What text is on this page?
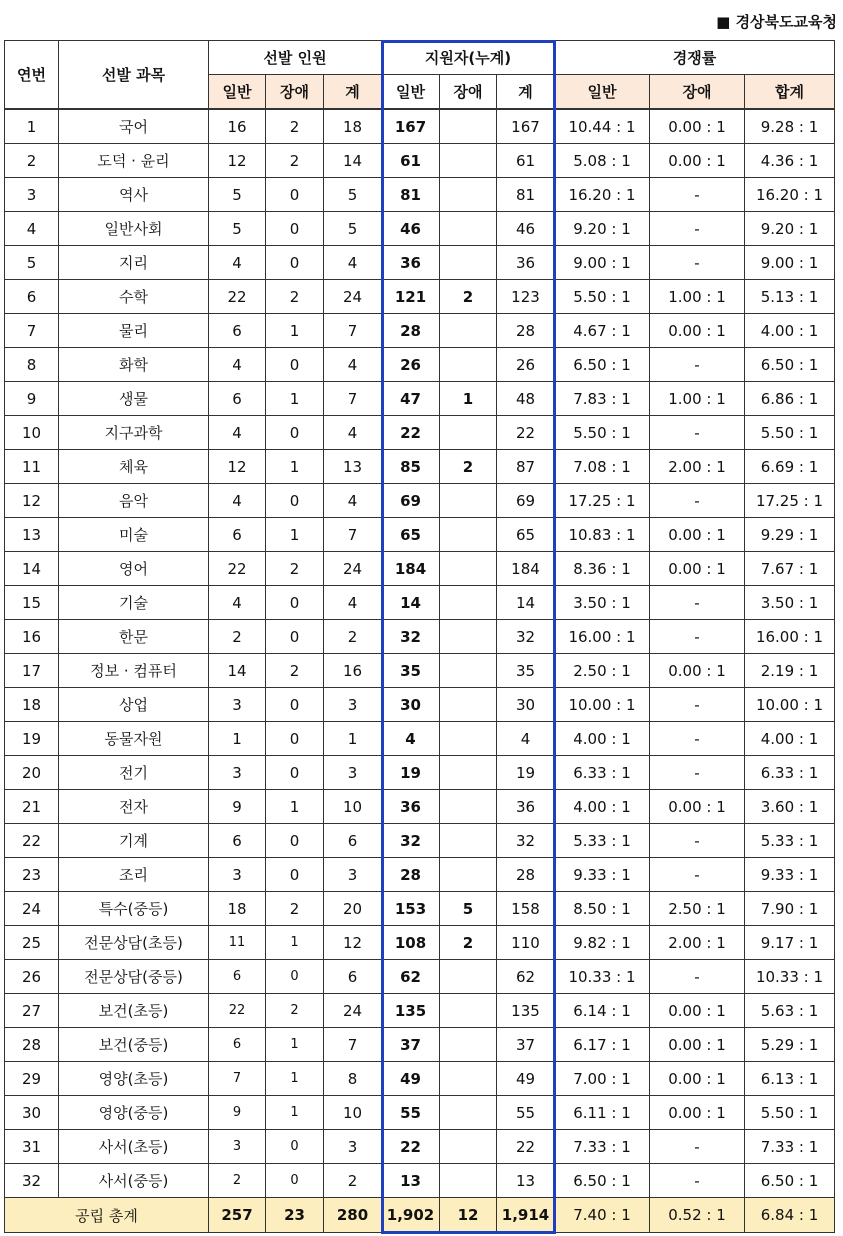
■ 경상북도교육청
연번	선발 과목	선발 인원			지원자(누계)			경쟁률		
		일반	장애	계	일반	장애	계	일반	장애	합계
1	국어	16	2	18	167		167	10.44 : 1	0.00 : 1	9.28 : 1
2	도덕 · 윤리	12	2	14	61		61	5.08 : 1	0.00 : 1	4.36 : 1
3	역사	5	0	5	81		81	16.20 : 1	-	16.20 : 1
4	일반사회	5	0	5	46		46	9.20 : 1	-	9.20 : 1
5	지리	4	0	4	36		36	9.00 : 1	-	9.00 : 1
6	수학	22	2	24	121	2	123	5.50 : 1	1.00 : 1	5.13 : 1
7	물리	6	1	7	28		28	4.67 : 1	0.00 : 1	4.00 : 1
8	화학	4	0	4	26		26	6.50 : 1	-	6.50 : 1
9	생물	6	1	7	47	1	48	7.83 : 1	1.00 : 1	6.86 : 1
10	지구과학	4	0	4	22		22	5.50 : 1	-	5.50 : 1
11	체육	12	1	13	85	2	87	7.08 : 1	2.00 : 1	6.69 : 1
12	음악	4	0	4	69		69	17.25 : 1	-	17.25 : 1
13	미술	6	1	7	65		65	10.83 : 1	0.00 : 1	9.29 : 1
14	영어	22	2	24	184		184	8.36 : 1	0.00 : 1	7.67 : 1
15	기술	4	0	4	14		14	3.50 : 1	-	3.50 : 1
16	한문	2	0	2	32		32	16.00 : 1	-	16.00 : 1
17	정보 · 컴퓨터	14	2	16	35		35	2.50 : 1	0.00 : 1	2.19 : 1
18	상업	3	0	3	30		30	10.00 : 1	-	10.00 : 1
19	동물자원	1	0	1	4		4	4.00 : 1	-	4.00 : 1
20	전기	3	0	3	19		19	6.33 : 1	-	6.33 : 1
21	전자	9	1	10	36		36	4.00 : 1	0.00 : 1	3.60 : 1
22	기계	6	0	6	32		32	5.33 : 1	-	5.33 : 1
23	조리	3	0	3	28		28	9.33 : 1	-	9.33 : 1
24	특수(중등)	18	2	20	153	5	158	8.50 : 1	2.50 : 1	7.90 : 1
25	전문상담(초등)	11	1	12	108	2	110	9.82 : 1	2.00 : 1	9.17 : 1
26	전문상담(중등)	6	0	6	62		62	10.33 : 1	-	10.33 : 1
27	보건(초등)	22	2	24	135		135	6.14 : 1	0.00 : 1	5.63 : 1
28	보건(중등)	6	1	7	37		37	6.17 : 1	0.00 : 1	5.29 : 1
29	영양(초등)	7	1	8	49		49	7.00 : 1	0.00 : 1	6.13 : 1
30	영양(중등)	9	1	10	55		55	6.11 : 1	0.00 : 1	5.50 : 1
31	사서(초등)	3	0	3	22		22	7.33 : 1	-	7.33 : 1
32	사서(중등)	2	0	2	13		13	6.50 : 1	-	6.50 : 1
공립 총계		257	23	280	1,902	12	1,914	7.40 : 1	0.52 : 1	6.84 : 1
